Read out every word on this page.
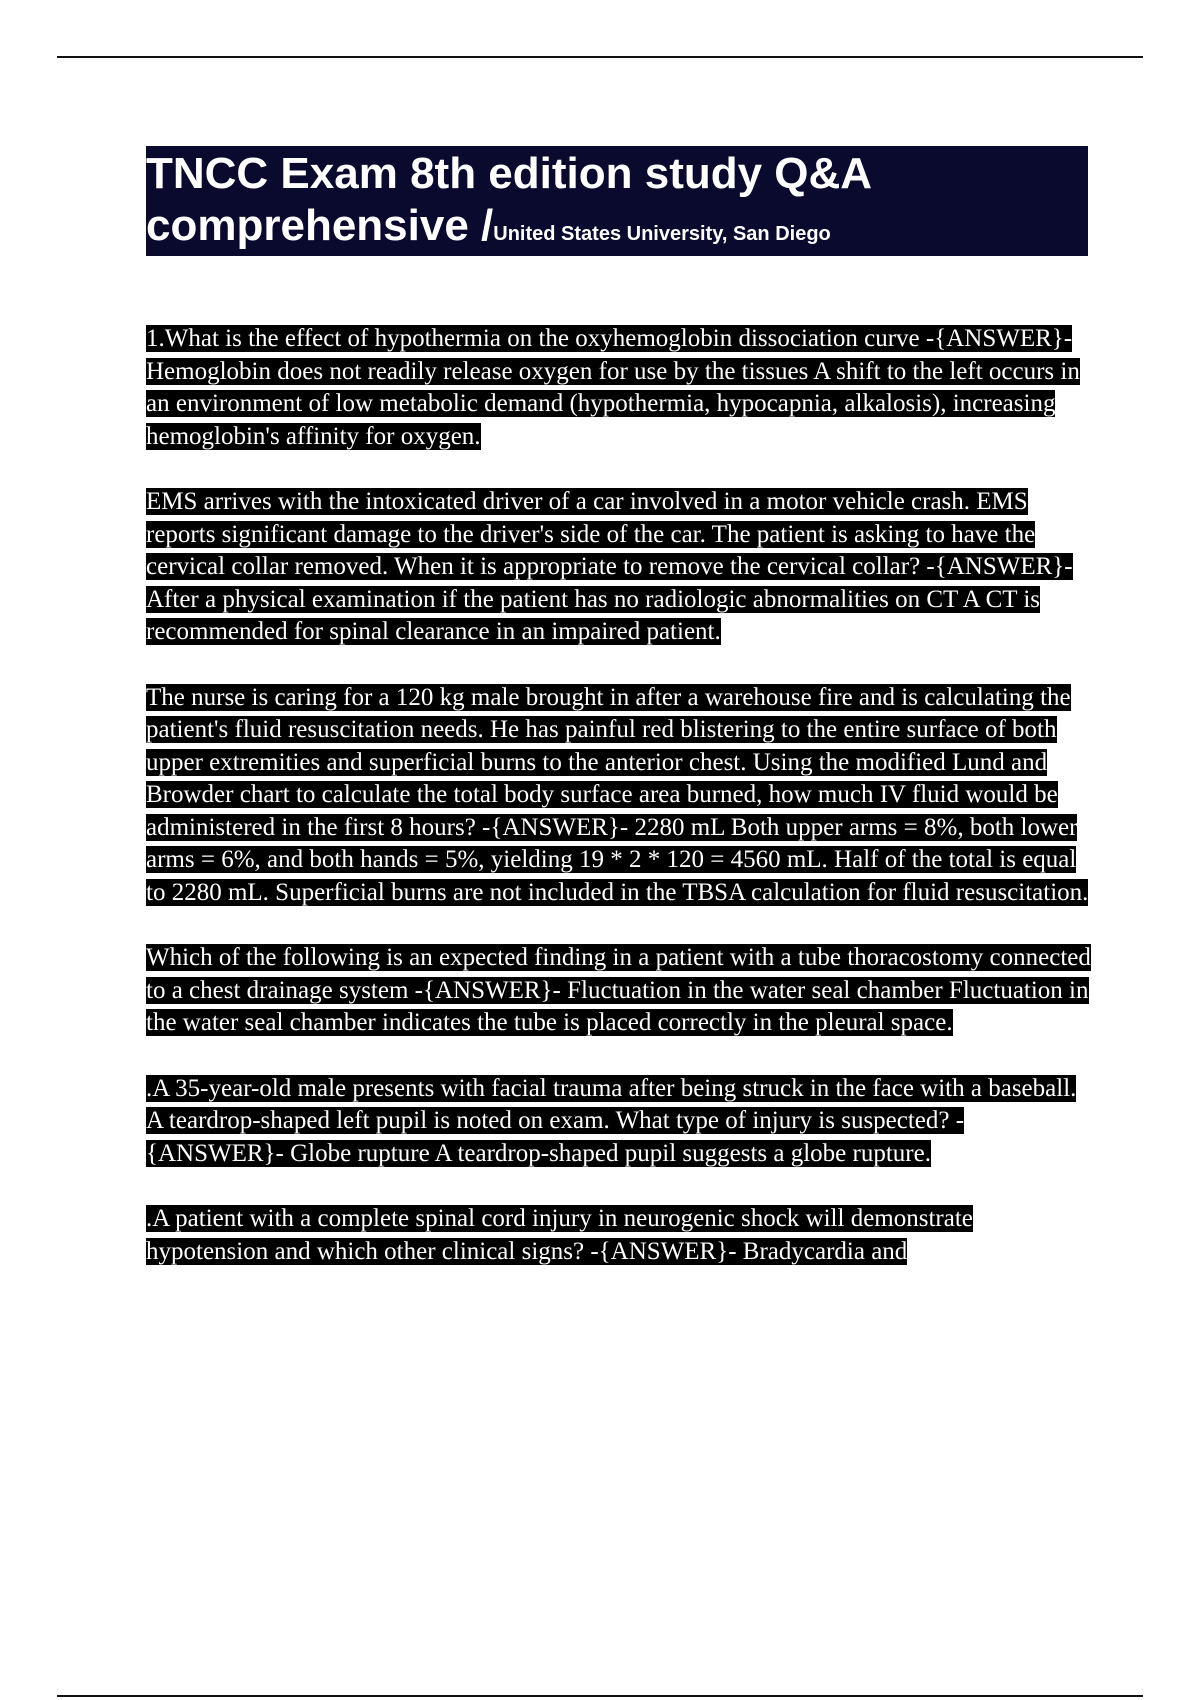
TNCC Exam 8th edition study Q&A
comprehensive /United States University, San Diego

1.What is the effect of hypothermia on the oxyhemoglobin dissociation curve -{ANSWER}- Hemoglobin does not readily release oxygen for use by the tissues A shift to the left occurs in an environment of low metabolic demand (hypothermia, hypocapnia, alkalosis), increasing hemoglobin's affinity for oxygen.

EMS arrives with the intoxicated driver of a car involved in a motor vehicle crash. EMS reports significant damage to the driver's side of the car. The patient is asking to have the cervical collar removed. When it is appropriate to remove the cervical collar? -{ANSWER}- After a physical examination if the patient has no radiologic abnormalities on CT A CT is recommended for spinal clearance in an impaired patient.

The nurse is caring for a 120 kg male brought in after a warehouse fire and is calculating the patient's fluid resuscitation needs. He has painful red blistering to the entire surface of both upper extremities and superficial burns to the anterior chest. Using the modified Lund and Browder chart to calculate the total body surface area burned, how much IV fluid would be administered in the first 8 hours? -{ANSWER}- 2280 mL Both upper arms = 8%, both lower arms = 6%, and both hands = 5%, yielding 19 * 2 * 120 = 4560 mL. Half of the total is equal to 2280 mL. Superficial burns are not included in the TBSA calculation for fluid resuscitation.

Which of the following is an expected finding in a patient with a tube thoracostomy connected to a chest drainage system -{ANSWER}- Fluctuation in the water seal chamber Fluctuation in the water seal chamber indicates the tube is placed correctly in the pleural space.

.A 35-year-old male presents with facial trauma after being struck in the face with a baseball. A teardrop-shaped left pupil is noted on exam. What type of injury is suspected? -{ANSWER}- Globe rupture A teardrop-shaped pupil suggests a globe rupture.

.A patient with a complete spinal cord injury in neurogenic shock will demonstrate hypotension and which other clinical signs? -{ANSWER}- Bradycardia and
